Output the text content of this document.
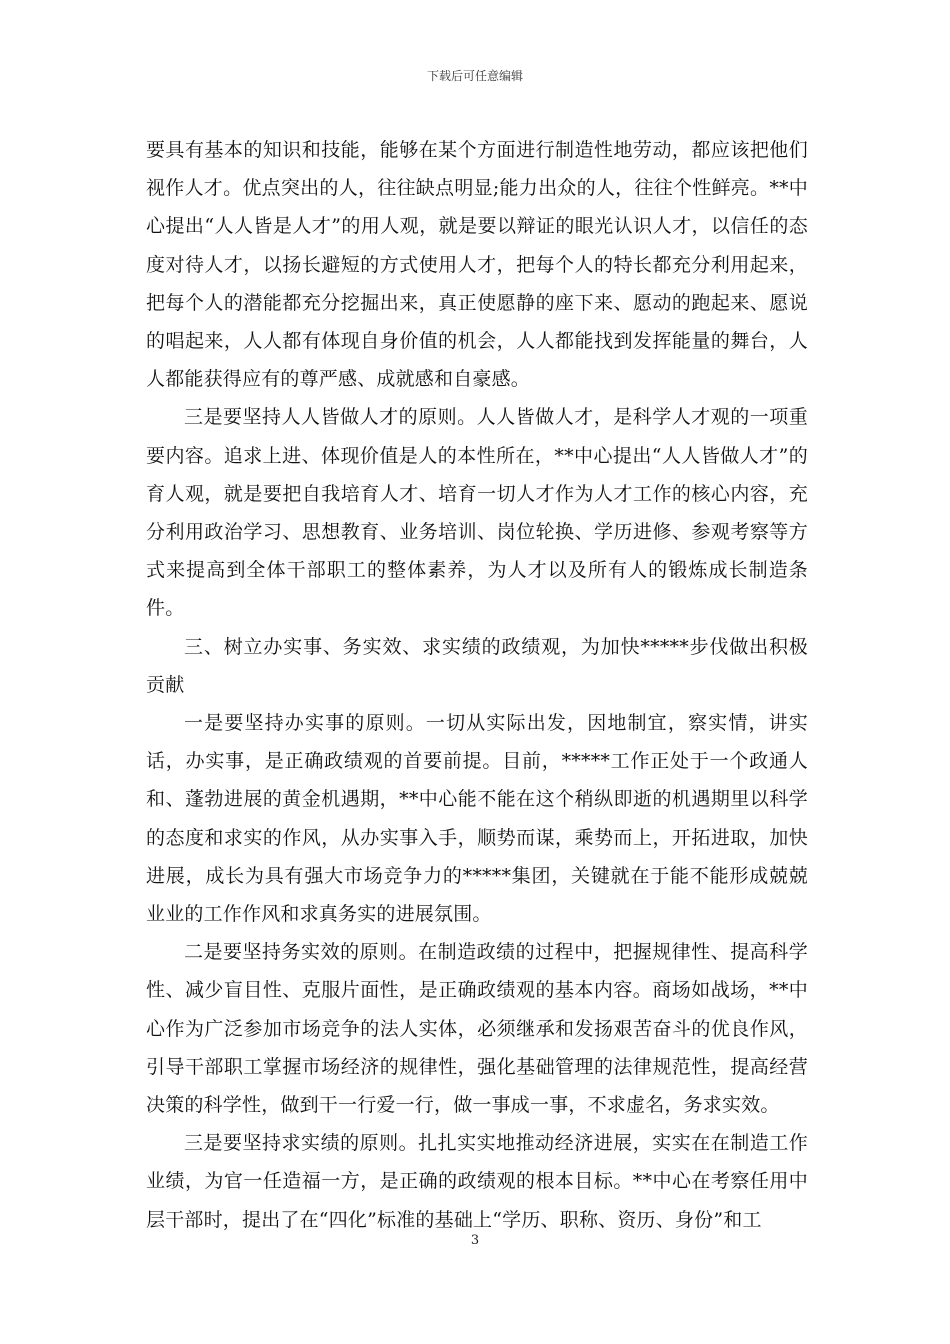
下载后可任意编辑

要具有基本的知识和技能，能够在某个方面进行制造性地劳动，都应该把他们视作人才。优点突出的人，往往缺点明显;能力出众的人，往往个性鲜亮。**中心提出“人人皆是人才”的用人观，就是要以辩证的眼光认识人才，以信任的态度对待人才，以扬长避短的方式使用人才，把每个人的特长都充分利用起来，把每个人的潜能都充分挖掘出来，真正使愿静的座下来、愿动的跑起来、愿说的唱起来，人人都有体现自身价值的机会，人人都能找到发挥能量的舞台，人人都能获得应有的尊严感、成就感和自豪感。

三是要坚持人人皆做人才的原则。人人皆做人才，是科学人才观的一项重要内容。追求上进、体现价值是人的本性所在，**中心提出“人人皆做人才”的育人观，就是要把自我培育人才、培育一切人才作为人才工作的核心内容，充分利用政治学习、思想教育、业务培训、岗位轮换、学历进修、参观考察等方式来提高到全体干部职工的整体素养，为人才以及所有人的锻炼成长制造条件。

三、树立办实事、务实效、求实绩的政绩观，为加快*****步伐做出积极贡献

一是要坚持办实事的原则。一切从实际出发，因地制宜，察实情，讲实话，办实事，是正确政绩观的首要前提。目前，*****工作正处于一个政通人和、蓬勃进展的黄金机遇期，**中心能不能在这个稍纵即逝的机遇期里以科学的态度和求实的作风，从办实事入手，顺势而谋，乘势而上，开拓进取，加快进展，成长为具有强大市场竞争力的*****集团，关键就在于能不能形成兢兢业业的工作作风和求真务实的进展氛围。

二是要坚持务实效的原则。在制造政绩的过程中，把握规律性、提高科学性、减少盲目性、克服片面性，是正确政绩观的基本内容。商场如战场，**中心作为广泛参加市场竞争的法人实体，必须继承和发扬艰苦奋斗的优良作风，引导干部职工掌握市场经济的规律性，强化基础管理的法律规范性，提高经营决策的科学性，做到干一行爱一行，做一事成一事，不求虚名，务求实效。

三是要坚持求实绩的原则。扎扎实实地推动经济进展，实实在在制造工作业绩，为官一任造福一方，是正确的政绩观的根本目标。**中心在考察任用中层干部时，提出了在“四化”标准的基础上“学历、职称、资历、身份”和工

3
